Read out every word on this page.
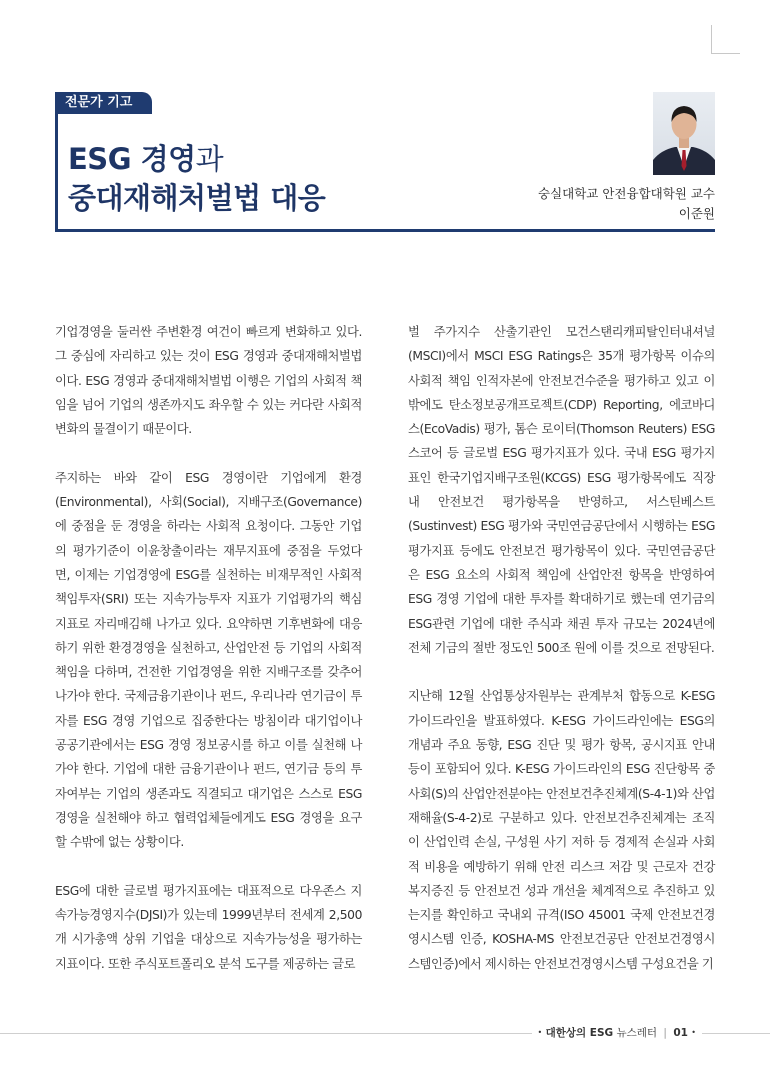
전문가 기고
ESG 경영과
중대재해처벌법 대응	숭실대학교 안전융합대학원 교수
이준원

기업경영을 둘러싼 주변환경 여건이 빠르게 변화하고 있다. 그 중심에 자리하고 있는 것이 ESG 경영과 중대재해처벌법이다. ESG 경영과 중대재해처벌법 이행은 기업의 사회적 책임을 넘어 기업의 생존까지도 좌우할 수 있는 커다란 사회적 변화의 물결이기 때문이다.

주지하는 바와 같이 ESG 경영이란 기업에게 환경(Environmental), 사회(Social), 지배구조(Governance)에 중점을 둔 경영을 하라는 사회적 요청이다. 그동안 기업의 평가기준이 이윤창출이라는 재무지표에 중점을 두었다면, 이제는 기업경영에 ESG를 실천하는 비재무적인 사회적책임투자(SRI) 또는 지속가능투자 지표가 기업평가의 핵심지표로 자리매김해 나가고 있다. 요약하면 기후변화에 대응하기 위한 환경경영을 실천하고, 산업안전 등 기업의 사회적 책임을 다하며, 건전한 기업경영을 위한 지배구조를 갖추어나가야 한다. 국제금융기관이나 펀드, 우리나라 연기금이 투자를 ESG 경영 기업으로 집중한다는 방침이라 대기업이나 공공기관에서는 ESG 경영 정보공시를 하고 이를 실천해 나가야 한다. 기업에 대한 금융기관이나 펀드, 연기금 등의 투자여부는 기업의 생존과도 직결되고 대기업은 스스로 ESG 경영을 실천해야 하고 협력업체들에게도 ESG 경영을 요구할 수밖에 없는 상황이다.

ESG에 대한 글로벌 평가지표에는 대표적으로 다우존스 지속가능경영지수(DJSI)가 있는데 1999년부터 전세계 2,500개 시가총액 상위 기업을 대상으로 지속가능성을 평가하는 지표이다. 또한 주식포트폴리오 분석 도구를 제공하는 글로

벌 주가지수 산출기관인 모건스탠리캐피탈인터내셔널(MSCI)에서 MSCI ESG Ratings은 35개 평가항목 이슈의 사회적 책임 인적자본에 안전보건수준을 평가하고 있고 이 밖에도 탄소정보공개프로젝트(CDP) Reporting, 에코바디스(EcoVadis) 평가, 톰슨 로이터(Thomson Reuters) ESG 스코어 등 글로벌 ESG 평가지표가 있다. 국내 ESG 평가지표인 한국기업지배구조원(KCGS) ESG 평가항목에도 직장내 안전보건 평가항목을 반영하고, 서스틴베스트(Sustinvest) ESG 평가와 국민연금공단에서 시행하는 ESG 평가지표 등에도 안전보건 평가항목이 있다. 국민연금공단은 ESG 요소의 사회적 책임에 산업안전 항목을 반영하여 ESG 경영 기업에 대한 투자를 확대하기로 했는데 연기금의 ESG관련 기업에 대한 주식과 채권 투자 규모는 2024년에 전체 기금의 절반 정도인 500조 원에 이를 것으로 전망된다.

지난해 12월 산업통상자원부는 관계부처 합동으로 K-ESG 가이드라인을 발표하였다. K-ESG 가이드라인에는 ESG의 개념과 주요 동향, ESG 진단 및 평가 항목, 공시지표 안내 등이 포함되어 있다. K-ESG 가이드라인의 ESG 진단항목 중 사회(S)의 산업안전분야는 안전보건추진체계(S-4-1)와 산업재해율(S-4-2)로 구분하고 있다. 안전보건추진체계는 조직이 산업인력 손실, 구성원 사기 저하 등 경제적 손실과 사회적 비용을 예방하기 위해 안전 리스크 저감 및 근로자 건강 복지증진 등 안전보건 성과 개선을 체계적으로 추진하고 있는지를 확인하고 국내외 규격(ISO 45001 국제 안전보건경영시스템 인증, KOSHA-MS 안전보건공단 안전보건경영시스템인증)에서 제시하는 안전보건경영시스템 구성요건을 기

• 대한상의 ESG 뉴스레터 | 01 •
